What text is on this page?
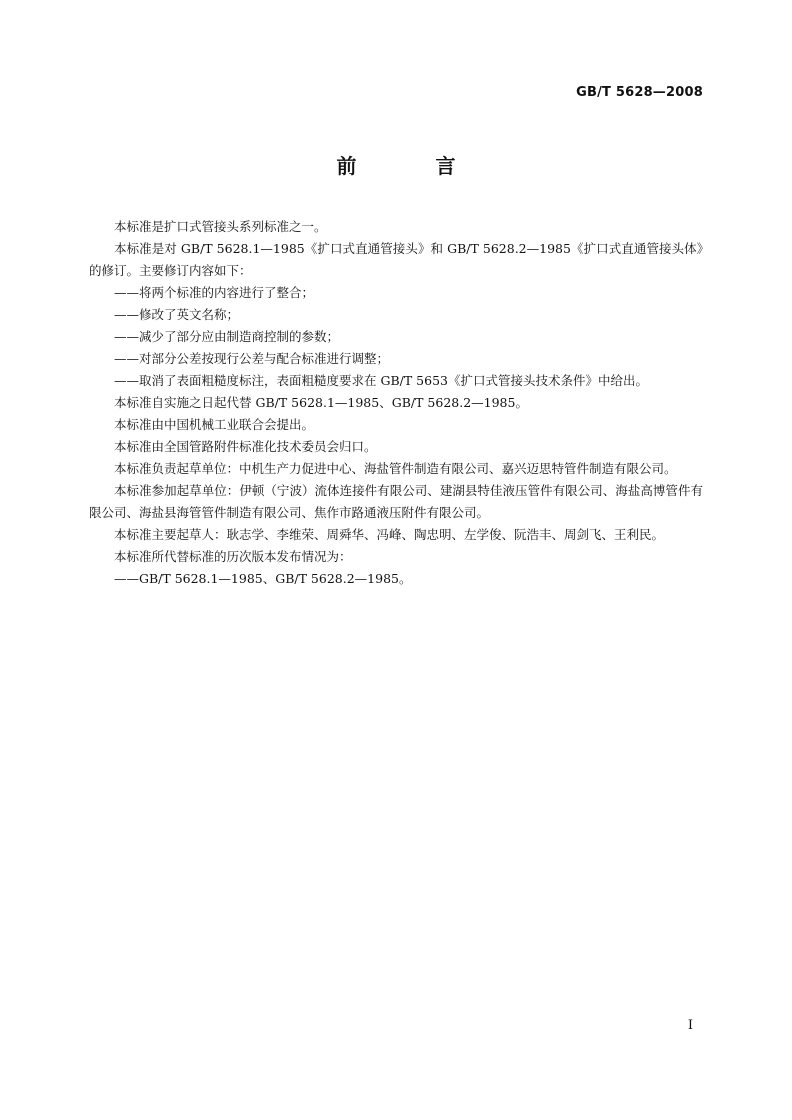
GB/T 5628—2008
前 言

本标准是扩口式管接头系列标准之一。

本标准是对 GB/T 5628.1—1985《扩口式直通管接头》和 GB/T 5628.2—1985《扩口式直通管接头体》的修订。主要修订内容如下：

——将两个标准的内容进行了整合；

——修改了英文名称；

——减少了部分应由制造商控制的参数；

——对部分公差按现行公差与配合标准进行调整；

——取消了表面粗糙度标注，表面粗糙度要求在 GB/T 5653《扩口式管接头技术条件》中给出。

本标准自实施之日起代替 GB/T 5628.1—1985、GB/T 5628.2—1985。

本标准由中国机械工业联合会提出。

本标准由全国管路附件标准化技术委员会归口。

本标准负责起草单位：中机生产力促进中心、海盐管件制造有限公司、嘉兴迈思特管件制造有限公司。

本标准参加起草单位：伊顿（宁波）流体连接件有限公司、建湖县特佳液压管件有限公司、海盐高博管件有限公司、海盐县海管管件制造有限公司、焦作市路通液压附件有限公司。

本标准主要起草人：耿志学、李维荣、周舜华、冯峰、陶忠明、左学俊、阮浩丰、周剑飞、王利民。

本标准所代替标准的历次版本发布情况为：

——GB/T 5628.1—1985、GB/T 5628.2—1985。

I
